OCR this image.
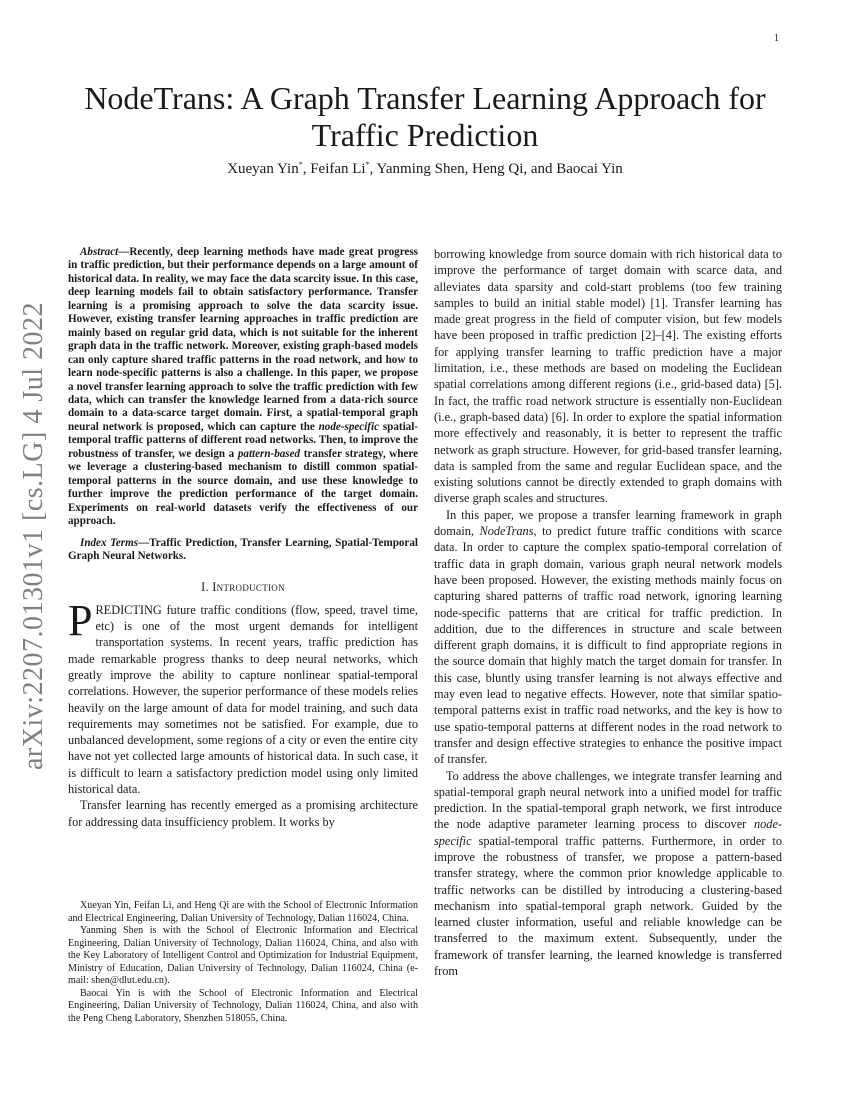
1
arXiv:2207.01301v1 [cs.LG] 4 Jul 2022
NodeTrans: A Graph Transfer Learning Approach for Traffic Prediction
Xueyan Yin*, Feifan Li*, Yanming Shen, Heng Qi, and Baocai Yin

Abstract—Recently, deep learning methods have made great progress in traffic prediction, but their performance depends on a large amount of historical data. In reality, we may face the data scarcity issue. In this case, deep learning models fail to obtain satisfactory performance. Transfer learning is a promising approach to solve the data scarcity issue. However, existing transfer learning approaches in traffic prediction are mainly based on regular grid data, which is not suitable for the inherent graph data in the traffic network. Moreover, existing graph-based models can only capture shared traffic patterns in the road network, and how to learn node-specific patterns is also a challenge. In this paper, we propose a novel transfer learning approach to solve the traffic prediction with few data, which can transfer the knowledge learned from a data-rich source domain to a data-scarce target domain. First, a spatial-temporal graph neural network is proposed, which can capture the node-specific spatial-temporal traffic patterns of different road networks. Then, to improve the robustness of transfer, we design a pattern-based transfer strategy, where we leverage a clustering-based mechanism to distill common spatial-temporal patterns in the source domain, and use these knowledge to further improve the prediction performance of the target domain. Experiments on real-world datasets verify the effectiveness of our approach.

Index Terms—Traffic Prediction, Transfer Learning, Spatial-Temporal Graph Neural Networks.

I. Introduction

PREDICTING future traffic conditions (flow, speed, travel time, etc) is one of the most urgent demands for intelligent transportation systems. In recent years, traffic prediction has made remarkable progress thanks to deep neural networks, which greatly improve the ability to capture nonlinear spatial-temporal correlations. However, the superior performance of these models relies heavily on the large amount of data for model training, and such data requirements may sometimes not be satisfied. For example, due to unbalanced development, some regions of a city or even the entire city have not yet collected large amounts of historical data. In such case, it is difficult to learn a satisfactory prediction model using only limited historical data.

Transfer learning has recently emerged as a promising architecture for addressing data insufficiency problem. It works by

Xueyan Yin, Feifan Li, and Heng Qi are with the School of Electronic Information and Electrical Engineering, Dalian University of Technology, Dalian 116024, China.

Yanming Shen is with the School of Electronic Information and Electrical Engineering, Dalian University of Technology, Dalian 116024, China, and also with the Key Laboratory of Intelligent Control and Optimization for Industrial Equipment, Ministry of Education, Dalian University of Technology, Dalian 116024, China (e-mail: shen@dlut.edu.cn).

Baocai Yin is with the School of Electronic Information and Electrical Engineering, Dalian University of Technology, Dalian 116024, China, and also with the Peng Cheng Laboratory, Shenzhen 518055, China.

borrowing knowledge from source domain with rich historical data to improve the performance of target domain with scarce data, and alleviates data sparsity and cold-start problems (too few training samples to build an initial stable model) [1]. Transfer learning has made great progress in the field of computer vision, but few models have been proposed in traffic prediction [2]–[4]. The existing efforts for applying transfer learning to traffic prediction have a major limitation, i.e., these methods are based on modeling the Euclidean spatial correlations among different regions (i.e., grid-based data) [5]. In fact, the traffic road network structure is essentially non-Euclidean (i.e., graph-based data) [6]. In order to explore the spatial information more effectively and reasonably, it is better to represent the traffic network as graph structure. However, for grid-based transfer learning, data is sampled from the same and regular Euclidean space, and the existing solutions cannot be directly extended to graph domains with diverse graph scales and structures.

In this paper, we propose a transfer learning framework in graph domain, NodeTrans, to predict future traffic conditions with scarce data. In order to capture the complex spatio-temporal correlation of traffic data in graph domain, various graph neural network models have been proposed. However, the existing methods mainly focus on capturing shared patterns of traffic road network, ignoring learning node-specific patterns that are critical for traffic prediction. In addition, due to the differences in structure and scale between different graph domains, it is difficult to find appropriate regions in the source domain that highly match the target domain for transfer. In this case, bluntly using transfer learning is not always effective and may even lead to negative effects. However, note that similar spatio-temporal patterns exist in traffic road networks, and the key is how to use spatio-temporal patterns at different nodes in the road network to transfer and design effective strategies to enhance the positive impact of transfer.

To address the above challenges, we integrate transfer learning and spatial-temporal graph neural network into a unified model for traffic prediction. In the spatial-temporal graph network, we first introduce the node adaptive parameter learning process to discover node-specific spatial-temporal traffic patterns. Furthermore, in order to improve the robustness of transfer, we propose a pattern-based transfer strategy, where the common prior knowledge applicable to traffic networks can be distilled by introducing a clustering-based mechanism into spatial-temporal graph network. Guided by the learned cluster information, useful and reliable knowledge can be transferred to the maximum extent. Subsequently, under the framework of transfer learning, the learned knowledge is transferred from
